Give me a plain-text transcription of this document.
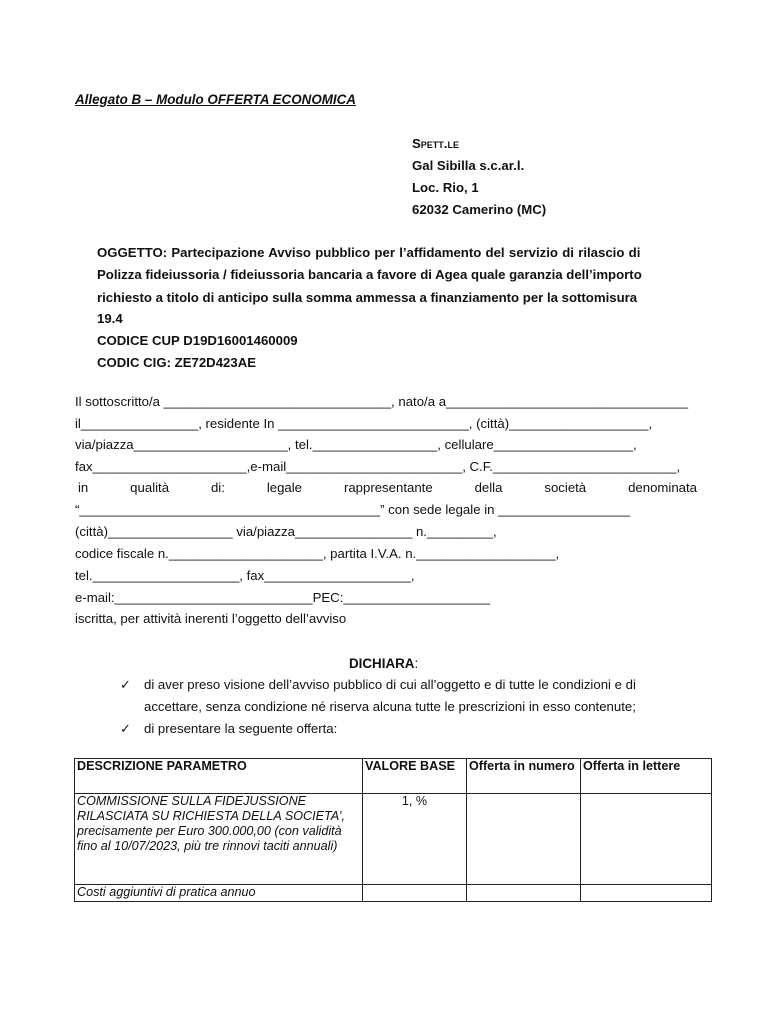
Allegato B – Modulo OFFERTA ECONOMICA
Spett.le
Gal Sibilla s.c.ar.l.
Loc. Rio, 1
62032 Camerino (MC)
OGGETTO: Partecipazione Avviso pubblico per l’affidamento del servizio di rilascio di
Polizza fideiussoria / fideiussoria bancaria a favore di Agea quale garanzia dell’importo
richiesto a titolo di anticipo sulla somma ammessa a finanziamento per la sottomisura
19.4
CODICE CUP D19D16001460009
CODIC CIG: ZE72D423AE
Il sottoscritto/a _______________________________, nato/a a_________________________________
il________________, residente In __________________________, (città)___________________,
via/piazza_____________________, tel._________________, cellulare___________________,
fax_____________________,e-mail________________________, C.F._________________________,
in qualità di: legale rappresentante della società denominata
“_________________________________________” con sede legale in __________________
(città)_________________ via/piazza________________ n._________,
codice fiscale n._____________________, partita I.V.A. n.___________________,
tel.____________________, fax____________________,
e-mail:___________________________PEC:____________________
iscritta, per attività inerenti l’oggetto dell’avviso
DICHIARA:
✓ di aver preso visione dell’avviso pubblico di cui all’oggetto e di tutte le condizioni e di
accettare, senza condizione né riserva alcuna tutte le prescrizioni in esso contenute;
✓ di presentare la seguente offerta:
DESCRIZIONE PARAMETRO	VALORE BASE	Offerta in numero	Offerta in lettere
COMMISSIONE SULLA FIDEJUSSIONE RILASCIATA SU RICHIESTA DELLA SOCIETA’, precisamente per Euro 300.000,00 (con validità fino al 10/07/2023, più tre rinnovi taciti annuali)	1, %		
Costi aggiuntivi di pratica annuo			
